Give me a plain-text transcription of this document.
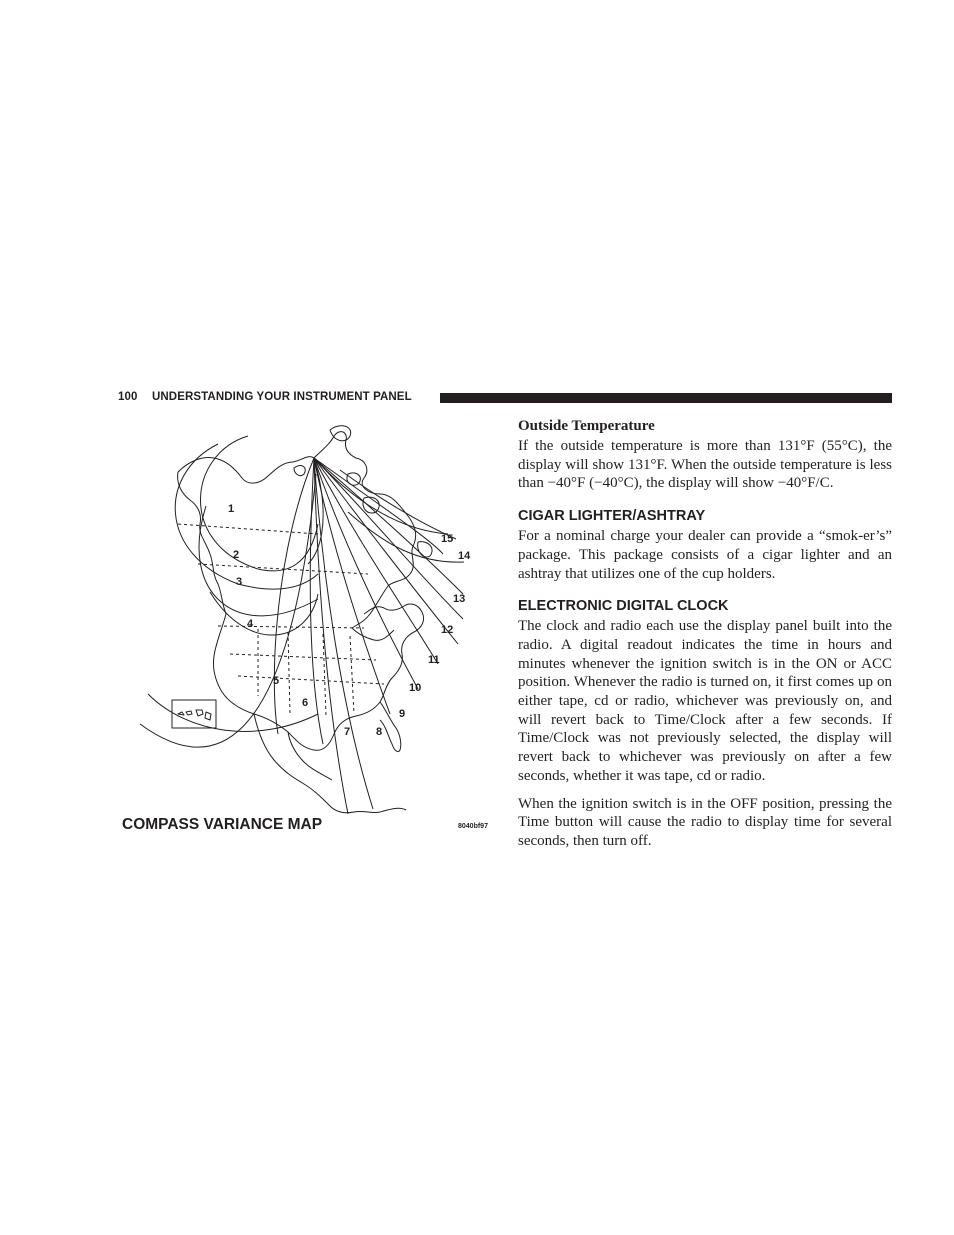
100 UNDERSTANDING YOUR INSTRUMENT PANEL
1
2
3
4
5
6
7 8
9
10
11
12
13
14
15
COMPASS VARIANCE MAP	8040bf97
Outside Temperature

If the outside temperature is more than 131°F (55°C), the display will show 131°F. When the outside temperature is less than −40°F (−40°C), the display will show −40°F/C.

CIGAR LIGHTER/ASHTRAY

For a nominal charge your dealer can provide a “smok-er’s” package. This package consists of a cigar lighter and an ashtray that utilizes one of the cup holders.

ELECTRONIC DIGITAL CLOCK

The clock and radio each use the display panel built into the radio. A digital readout indicates the time in hours and minutes whenever the ignition switch is in the ON or ACC position. Whenever the radio is turned on, it first comes up on either tape, cd or radio, whichever was previously on, and will revert back to Time/Clock after a few seconds. If Time/Clock was not previously selected, the display will revert back to whichever was previously on after a few seconds, whether it was tape, cd or radio.

When the ignition switch is in the OFF position, pressing the Time button will cause the radio to display time for several seconds, then turn off.
